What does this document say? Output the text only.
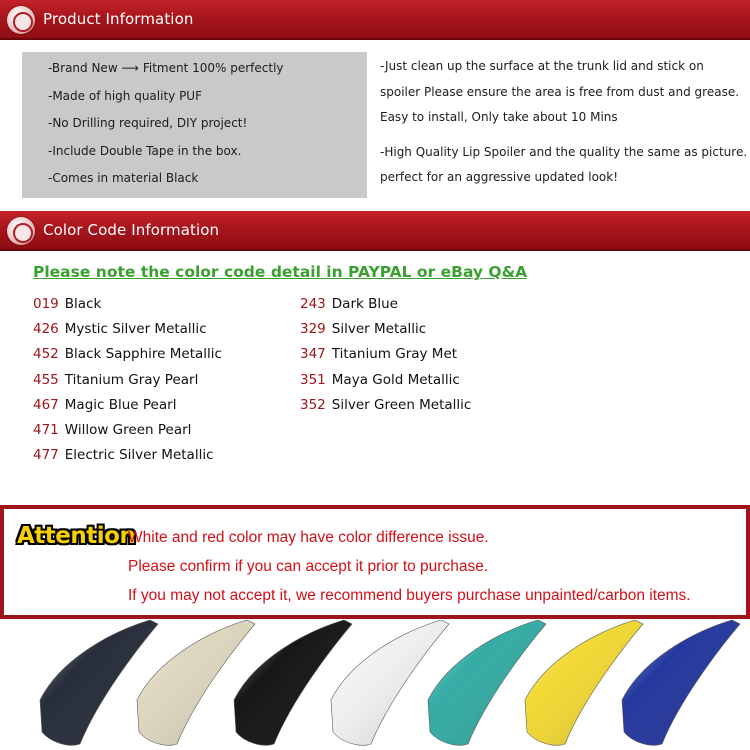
Product Information
-Brand New ⟶ Fitment 100% perfectly
-Made of high quality PUF
-No Drilling required, DIY project!
-Include Double Tape in the box.
-Comes in material Black

-Just clean up the surface at the trunk lid and stick on

spoiler Please ensure the area is free from dust and grease.

Easy to install, Only take about 10 Mins

-High Quality Lip Spoiler and the quality the same as picture.

perfect for an aggressive updated look!

Color Code Information
Please note the color code detail in PAYPAL or eBay Q&A
019 Black
426 Mystic Silver Metallic
452 Black Sapphire Metallic
455 Titanium Gray Pearl
467 Magic Blue Pearl
471 Willow Green Pearl
477 Electric Silver Metallic
243 Dark Blue
329 Silver Metallic
347 Titanium Gray Met
351 Maya Gold Metallic
352 Silver Green Metallic
Attention
White and red color may have color difference issue.
Please confirm if you can accept it prior to purchase.
If you may not accept it, we recommend buyers purchase unpainted/carbon items.
